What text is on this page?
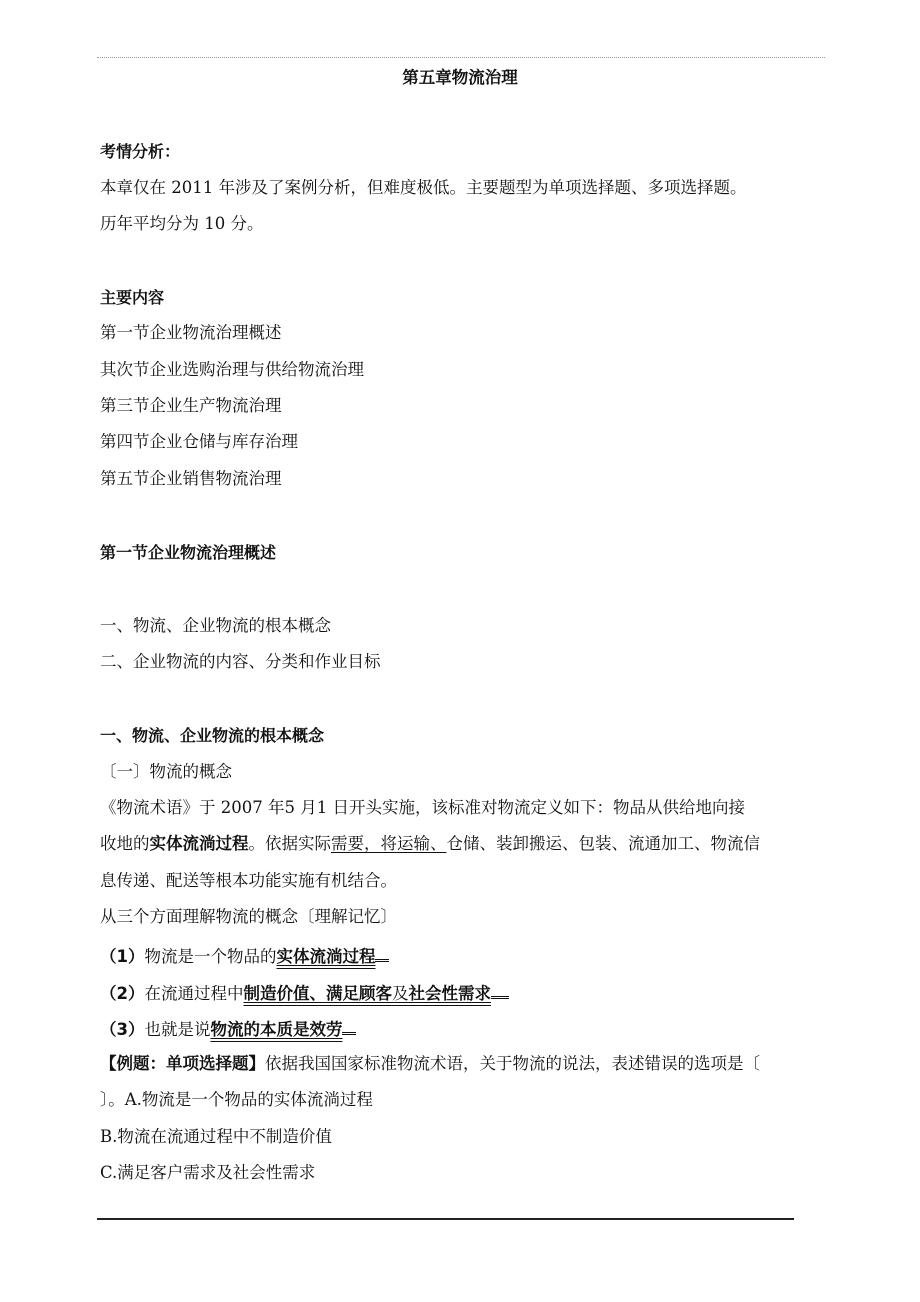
第五章物流治理
考情分析：
本章仅在 2011 年涉及了案例分析，但难度极低。主要题型为单项选择题、多项选择题。
历年平均分为 10 分。
主要内容
第一节企业物流治理概述
其次节企业选购治理与供给物流治理
第三节企业生产物流治理
第四节企业仓储与库存治理
第五节企业销售物流治理
第一节企业物流治理概述
一、物流、企业物流的根本概念
二、企业物流的内容、分类和作业目标
一、物流、企业物流的根本概念
〔一〕物流的概念
《物流术语》于 2007 年5 月1 日开头实施，该标准对物流定义如下：物品从供给地向接
收地的实体流淌过程。依据实际需要，将运输、仓储、装卸搬运、包装、流通加工、物流信
息传递、配送等根本功能实施有机结合。
从三个方面理解物流的概念〔理解记忆〕
（1）物流是一个物品的实体流淌过程
（2）在流通过程中制造价值、满足顾客及社会性需求
（3）也就是说物流的本质是效劳
【例题：单项选择题】依据我国国家标准物流术语，关于物流的说法，表述错误的选项是〔
〕。A.物流是一个物品的实体流淌过程
B.物流在流通过程中不制造价值
C.满足客户需求及社会性需求
